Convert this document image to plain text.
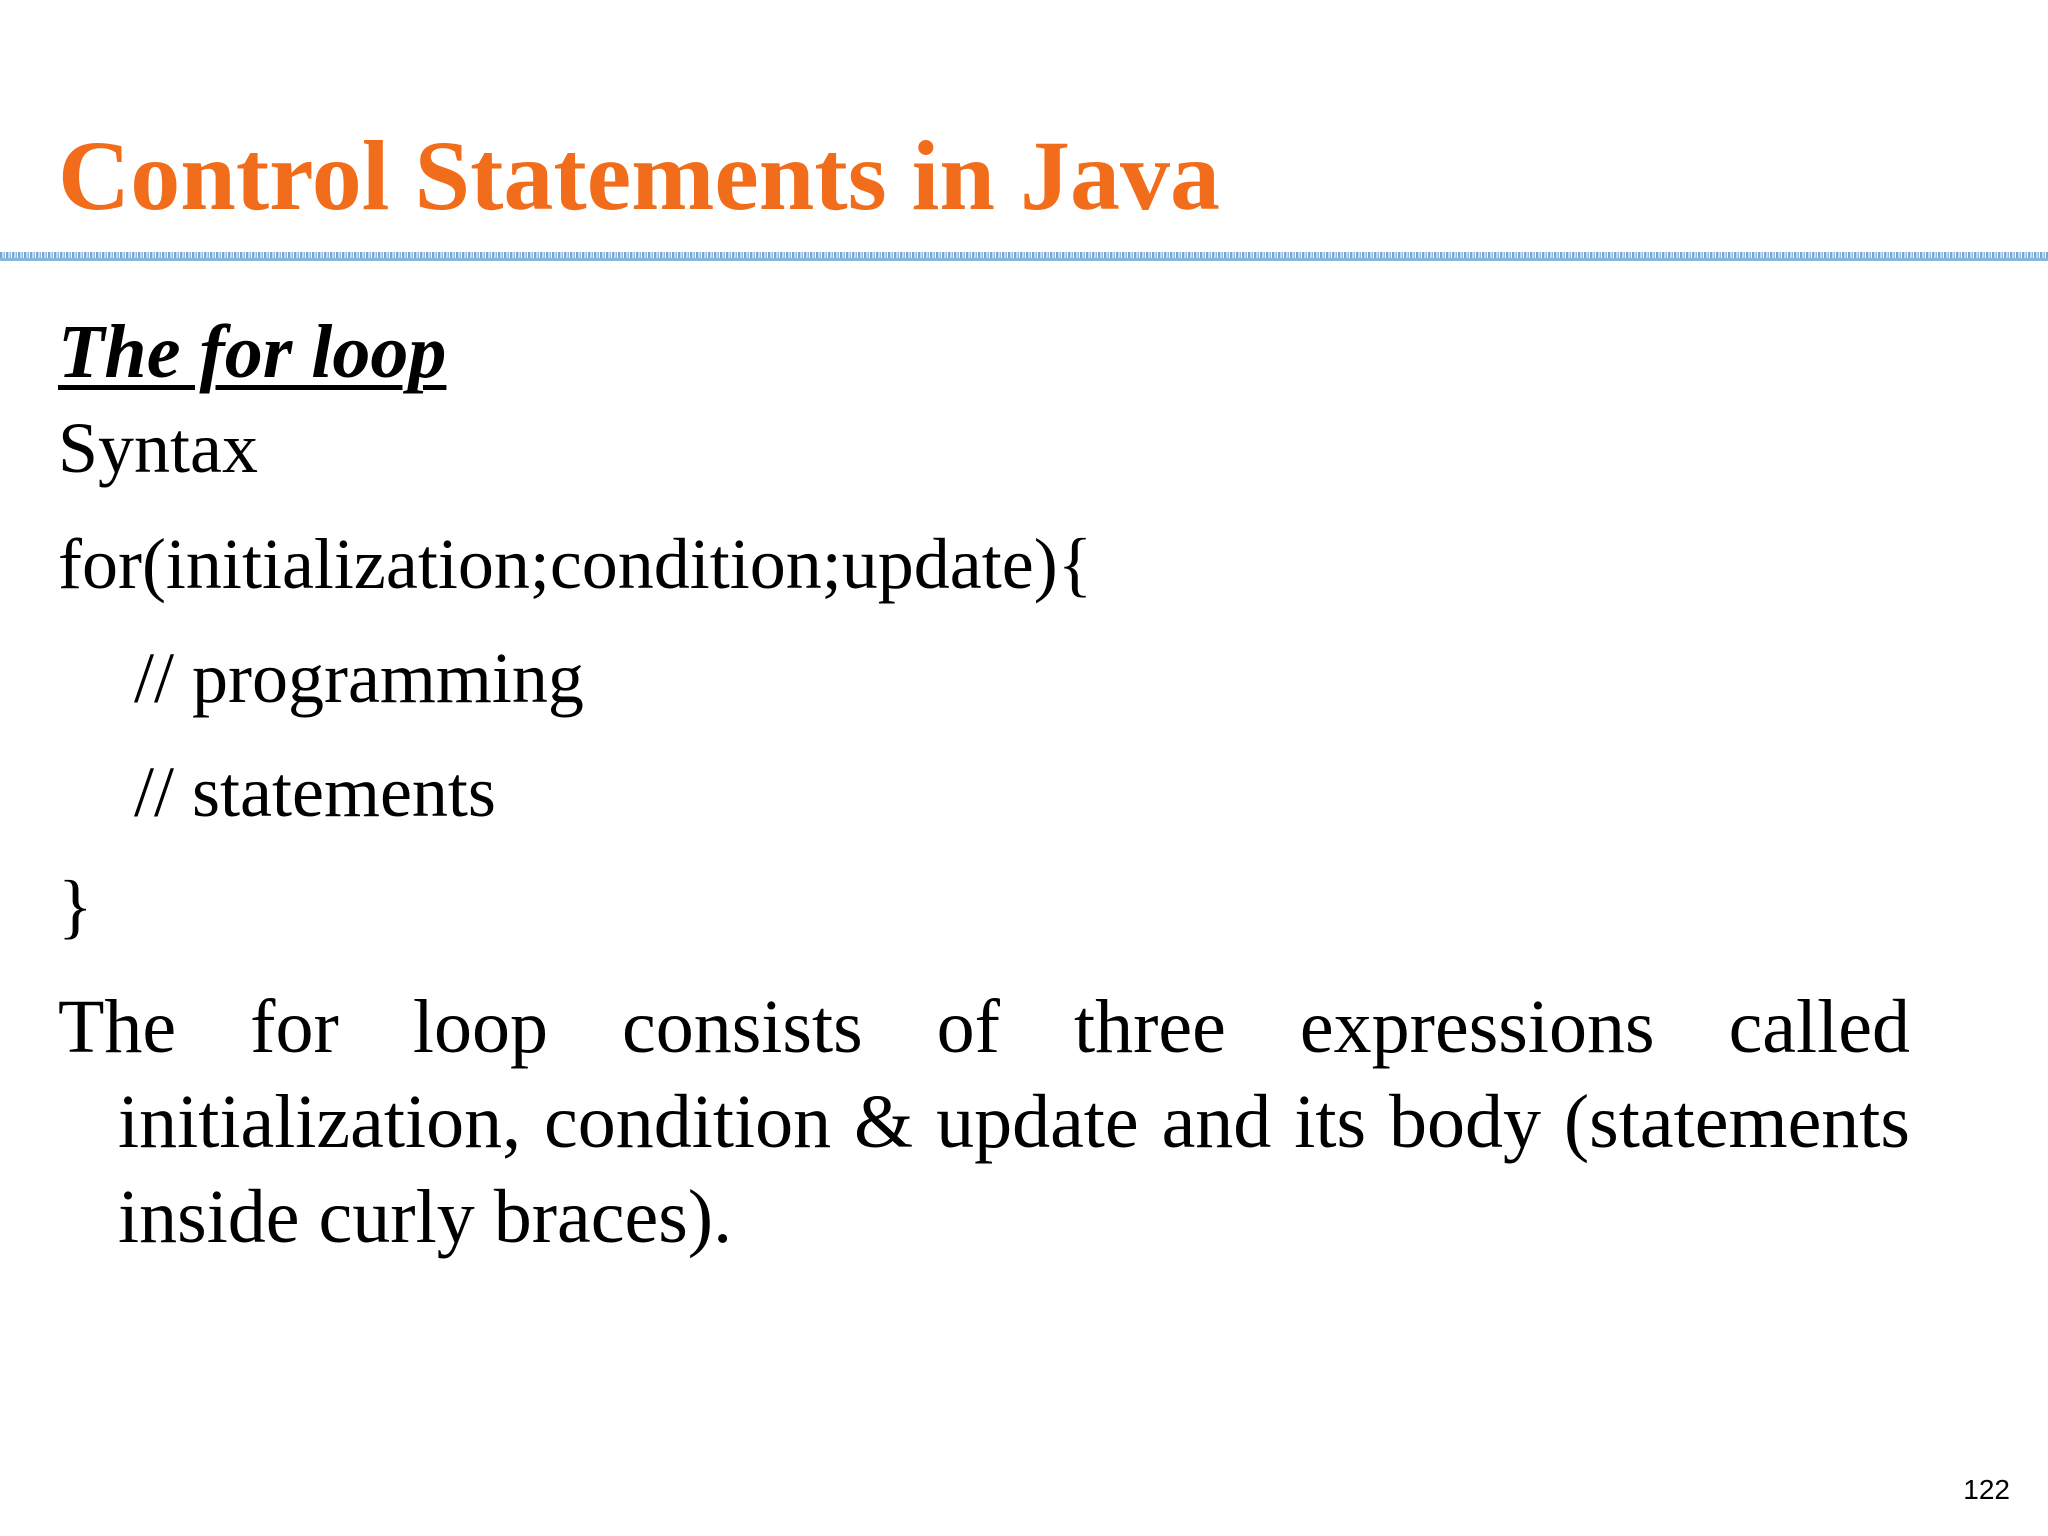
Control Statements in Java
The for loop
Syntax
for(initialization;condition;update){
// programming
// statements
}
The for loop consists of three expressions called initialization, condition & update and its body (statements inside curly braces).
122
